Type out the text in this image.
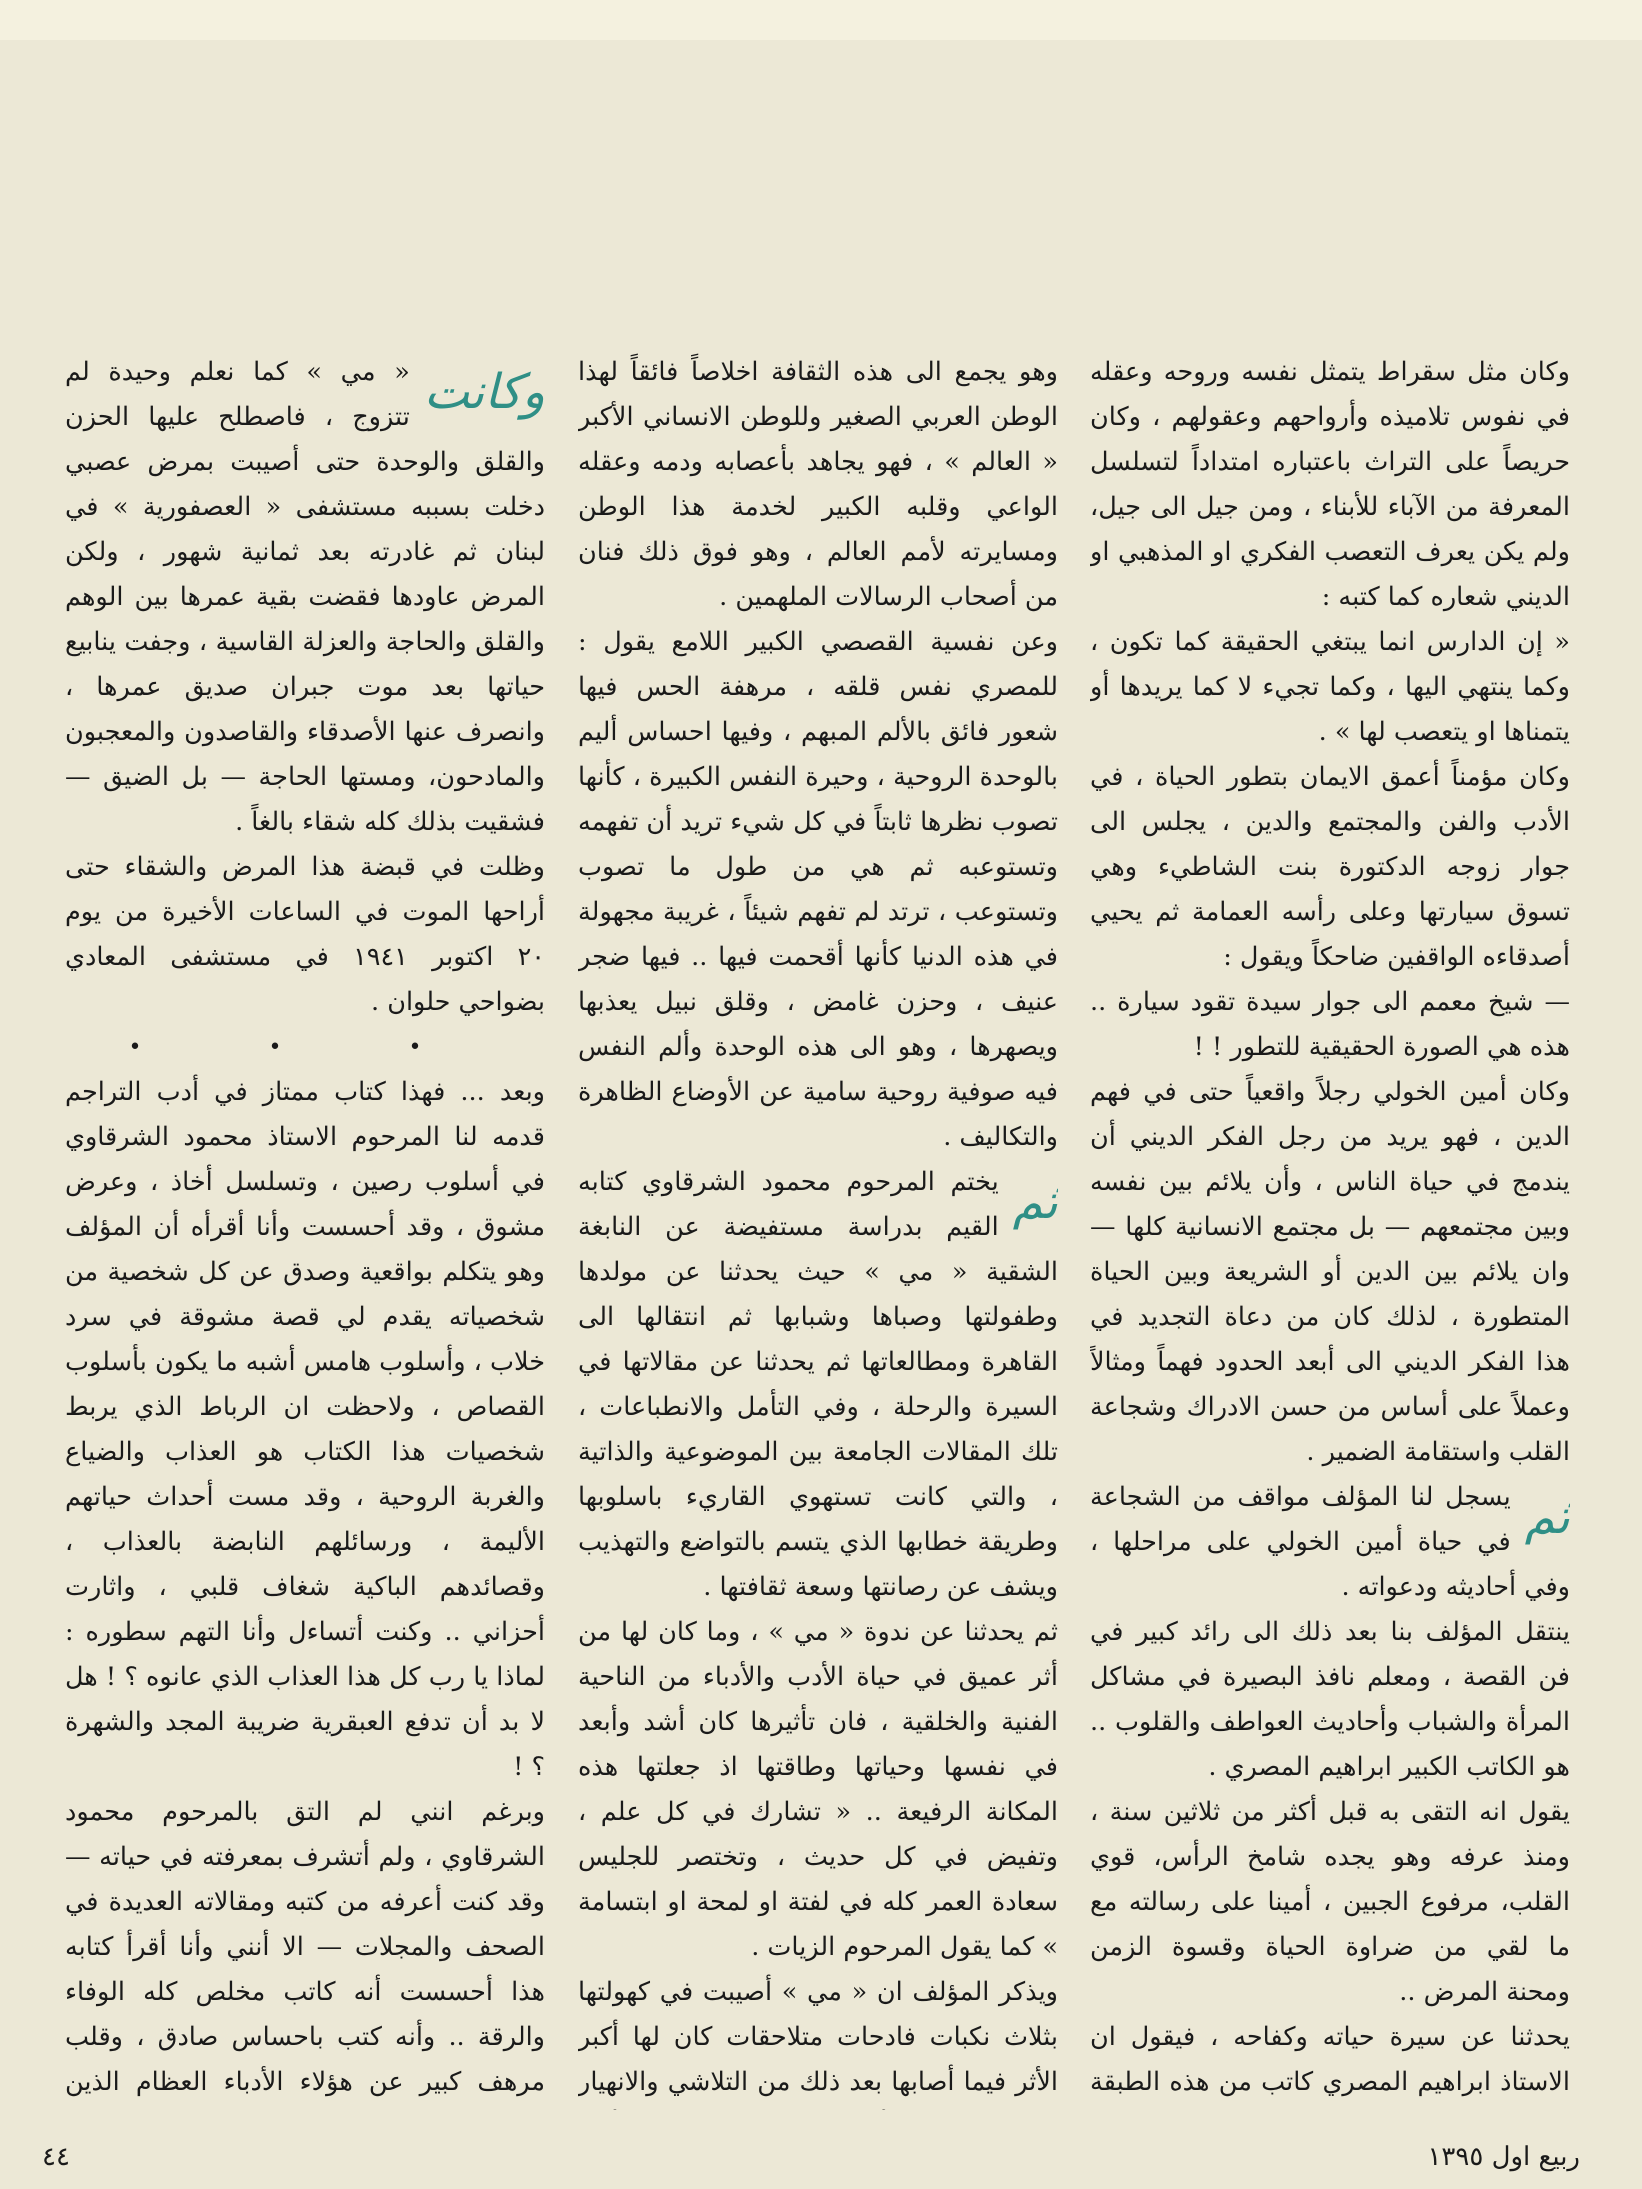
وكان مثل سقراط يتمثل نفسه وروحه وعقله في نفوس تلاميذه وأرواحهم وعقولهم ، وكان حريصاً على التراث باعتباره امتداداً لتسلسل المعرفة من الآباء للأبناء ، ومن جيل الى جيل، ولم يكن يعرف التعصب الفكري او المذهبي او الديني شعاره كما كتبه :

« إن الدارس انما يبتغي الحقيقة كما تكون ، وكما ينتهي اليها ، وكما تجيء لا كما يريدها أو يتمناها او يتعصب لها » .

وكان مؤمناً أعمق الايمان بتطور الحياة ، في الأدب والفن والمجتمع والدين ، يجلس الى جوار زوجه الدكتورة بنت الشاطيء وهي تسوق سيارتها وعلى رأسه العمامة ثم يحيي أصدقاءه الواقفين ضاحكاً ويقول :

— شيخ معمم الى جوار سيدة تقود سيارة .. هذه هي الصورة الحقيقية للتطور ! !

وكان أمين الخولي رجلاً واقعياً حتى في فهم الدين ، فهو يريد من رجل الفكر الديني أن يندمج في حياة الناس ، وأن يلائم بين نفسه وبين مجتمعهم — بل مجتمع الانسانية كلها — وان يلائم بين الدين أو الشريعة وبين الحياة المتطورة ، لذلك كان من دعاة التجديد في هذا الفكر الديني الى أبعد الحدود فهماً ومثالاً وعملاً على أساس من حسن الادراك وشجاعة القلب واستقامة الضمير .

ثم
يسجل لنا المؤلف مواقف من الشجاعة في حياة أمين الخولي على مراحلها ، وفي أحاديثه ودعواته .

ينتقل المؤلف بنا بعد ذلك الى رائد كبير في فن القصة ، ومعلم نافذ البصيرة في مشاكل المرأة والشباب وأحاديث العواطف والقلوب .. هو الكاتب الكبير ابراهيم المصري .

يقول انه التقى به قبل أكثر من ثلاثين سنة ، ومنذ عرفه وهو يجده شامخ الرأس، قوي القلب، مرفوع الجبين ، أمينا على رسالته مع ما لقي من ضراوة الحياة وقسوة الزمن ومحنة المرض ..

يحدثنا عن سيرة حياته وكفاحه ، فيقول ان الاستاذ ابراهيم المصري كاتب من هذه الطبقة

وهو يجمع الى هذه الثقافة اخلاصاً فائقاً لهذا الوطن العربي الصغير وللوطن الانساني الأكبر « العالم » ، فهو يجاهد بأعصابه ودمه وعقله الواعي وقلبه الكبير لخدمة هذا الوطن ومسايرته لأمم العالم ، وهو فوق ذلك فنان من أصحاب الرسالات الملهمين .

وعن نفسية القصصي الكبير اللامع يقول : للمصري نفس قلقه ، مرهفة الحس فيها شعور فائق بالألم المبهم ، وفيها احساس أليم بالوحدة الروحية ، وحيرة النفس الكبيرة ، كأنها تصوب نظرها ثابتاً في كل شيء تريد أن تفهمه وتستوعبه ثم هي من طول ما تصوب وتستوعب ، ترتد لم تفهم شيئاً ، غريبة مجهولة في هذه الدنيا كأنها أقحمت فيها .. فيها ضجر عنيف ، وحزن غامض ، وقلق نبيل يعذبها ويصهرها ، وهو الى هذه الوحدة وألم النفس فيه صوفية روحية سامية عن الأوضاع الظاهرة والتكاليف .

ثم
يختم المرحوم محمود الشرقاوي كتابه القيم بدراسة مستفيضة عن النابغة الشقية « مي » حيث يحدثنا عن مولدها وطفولتها وصباها وشبابها ثم انتقالها الى القاهرة ومطالعاتها ثم يحدثنا عن مقالاتها في السيرة والرحلة ، وفي التأمل والانطباعات ، تلك المقالات الجامعة بين الموضوعية والذاتية ، والتي كانت تستهوي القاريء باسلوبها وطريقة خطابها الذي يتسم بالتواضع والتهذيب ويشف عن رصانتها وسعة ثقافتها .

ثم يحدثنا عن ندوة « مي » ، وما كان لها من أثر عميق في حياة الأدب والأدباء من الناحية الفنية والخلقية ، فان تأثيرها كان أشد وأبعد في نفسها وحياتها وطاقتها اذ جعلتها هذه المكانة الرفيعة .. « تشارك في كل علم ، وتفيض في كل حديث ، وتختصر للجليس سعادة العمر كله في لفتة او لمحة او ابتسامة » كما يقول المرحوم الزيات .

ويذكر المؤلف ان « مي » أصيبت في كهولتها بثلاث نكبات فادحات متلاحقات كان لها أكبر الأثر فيما أصابها بعد ذلك من التلاشي والانهيار

وكانت
« مي » كما نعلم وحيدة لم تتزوج ، فاصطلح عليها الحزن والقلق والوحدة حتى أصيبت بمرض عصبي دخلت بسببه مستشفى « العصفورية » في لبنان ثم غادرته بعد ثمانية شهور ، ولكن المرض عاودها فقضت بقية عمرها بين الوهم والقلق والحاجة والعزلة القاسية ، وجفت ينابيع حياتها بعد موت جبران صديق عمرها ، وانصرف عنها الأصدقاء والقاصدون والمعجبون والمادحون، ومستها الحاجة — بل الضيق — فشقيت بذلك كله شقاء بالغاً .

وظلت في قبضة هذا المرض والشقاء حتى أراحها الموت في الساعات الأخيرة من يوم ٢٠ اكتوبر ١٩٤١ في مستشفى المعادي بضواحي حلوان .

• • •

وبعد ... فهذا كتاب ممتاز في أدب التراجم قدمه لنا المرحوم الاستاذ محمود الشرقاوي في أسلوب رصين ، وتسلسل أخاذ ، وعرض مشوق ، وقد أحسست وأنا أقرأه أن المؤلف وهو يتكلم بواقعية وصدق عن كل شخصية من شخصياته يقدم لي قصة مشوقة في سرد خلاب ، وأسلوب هامس أشبه ما يكون بأسلوب القصاص ، ولاحظت ان الرباط الذي يربط شخصيات هذا الكتاب هو العذاب والضياع والغربة الروحية ، وقد مست أحداث حياتهم الأليمة ، ورسائلهم النابضة بالعذاب ، وقصائدهم الباكية شغاف قلبي ، واثارت أحزاني .. وكنت أتساءل وأنا التهم سطوره : لماذا يا رب كل هذا العذاب الذي عانوه ؟ ! هل لا بد أن تدفع العبقرية ضريبة المجد والشهرة ؟ !

وبرغم انني لم التق بالمرحوم محمود الشرقاوي ، ولم أتشرف بمعرفته في حياته — وقد كنت أعرفه من كتبه ومقالاته العديدة في الصحف والمجلات — الا أنني وأنا أقرأ كتابه هذا أحسست أنه كاتب مخلص كله الوفاء والرقة .. وأنه كتب باحساس صادق ، وقلب مرهف كبير عن هؤلاء الأدباء العظام الذين

٤٤	ربيع اول ١٣٩٥
